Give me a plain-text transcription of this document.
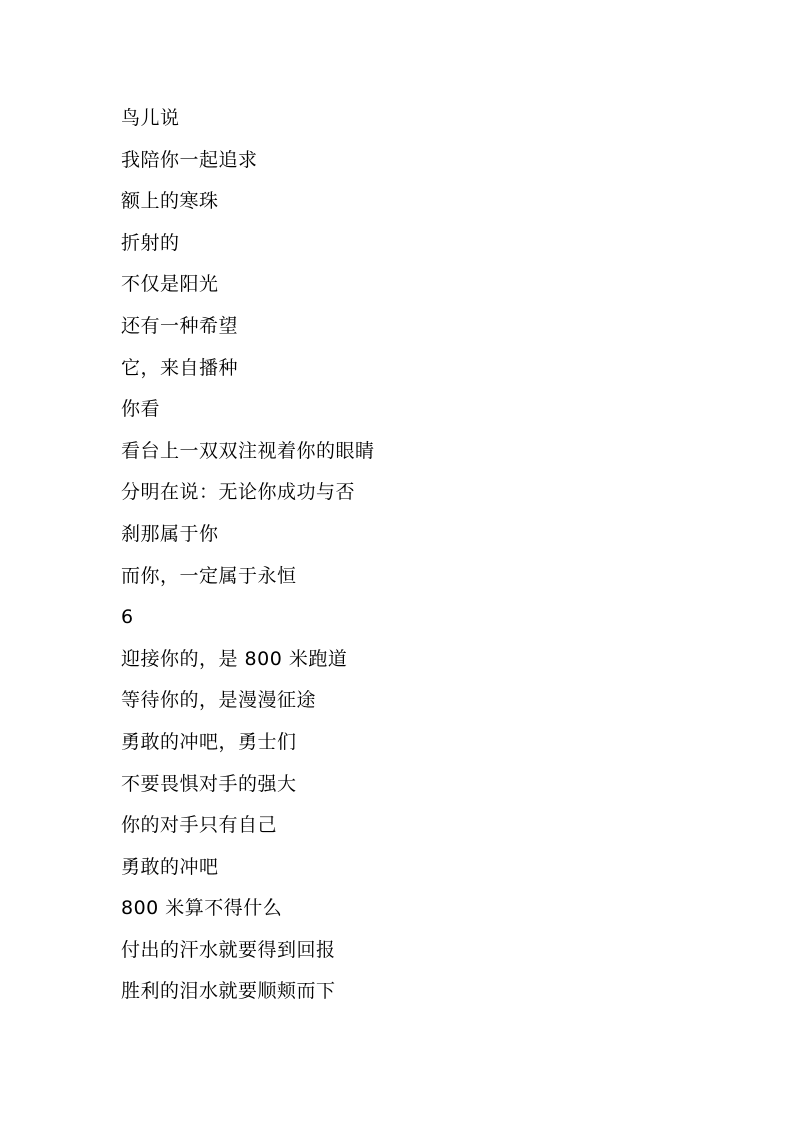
鸟儿说
我陪你一起追求
额上的寒珠
折射的
不仅是阳光
还有一种希望
它，来自播种
你看
看台上一双双注视着你的眼睛
分明在说：无论你成功与否
刹那属于你
而你，一定属于永恒
6
迎接你的，是 800 米跑道
等待你的，是漫漫征途
勇敢的冲吧，勇士们
不要畏惧对手的强大
你的对手只有自己
勇敢的冲吧
800 米算不得什么
付出的汗水就要得到回报
胜利的泪水就要顺颊而下
